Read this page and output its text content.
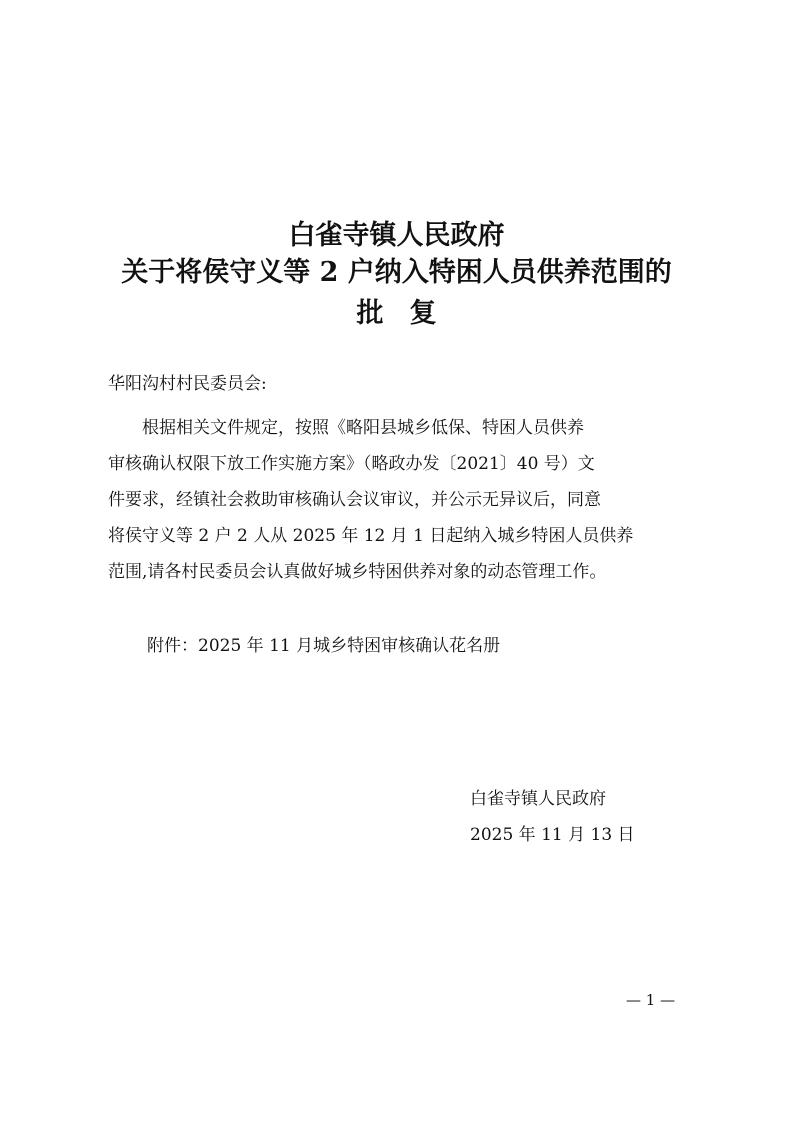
白雀寺镇人民政府
关于将侯守义等 2 户纳入特困人员供养范围的
批复
华阳沟村村民委员会:
　　根据相关文件规定，按照《略阳县城乡低保、特困人员供养
审核确认权限下放工作实施方案》（略政办发〔2021〕40 号）文
件要求，经镇社会救助审核确认会议审议，并公示无异议后，同意
将侯守义等 2 户 2 人从 2025 年 12 月 1 日起纳入城乡特困人员供养
范围,请各村民委员会认真做好城乡特困供养对象的动态管理工作。
附件：2025 年 11 月城乡特困审核确认花名册
白雀寺镇人民政府
2025 年 11 月 13 日
— 1 —
